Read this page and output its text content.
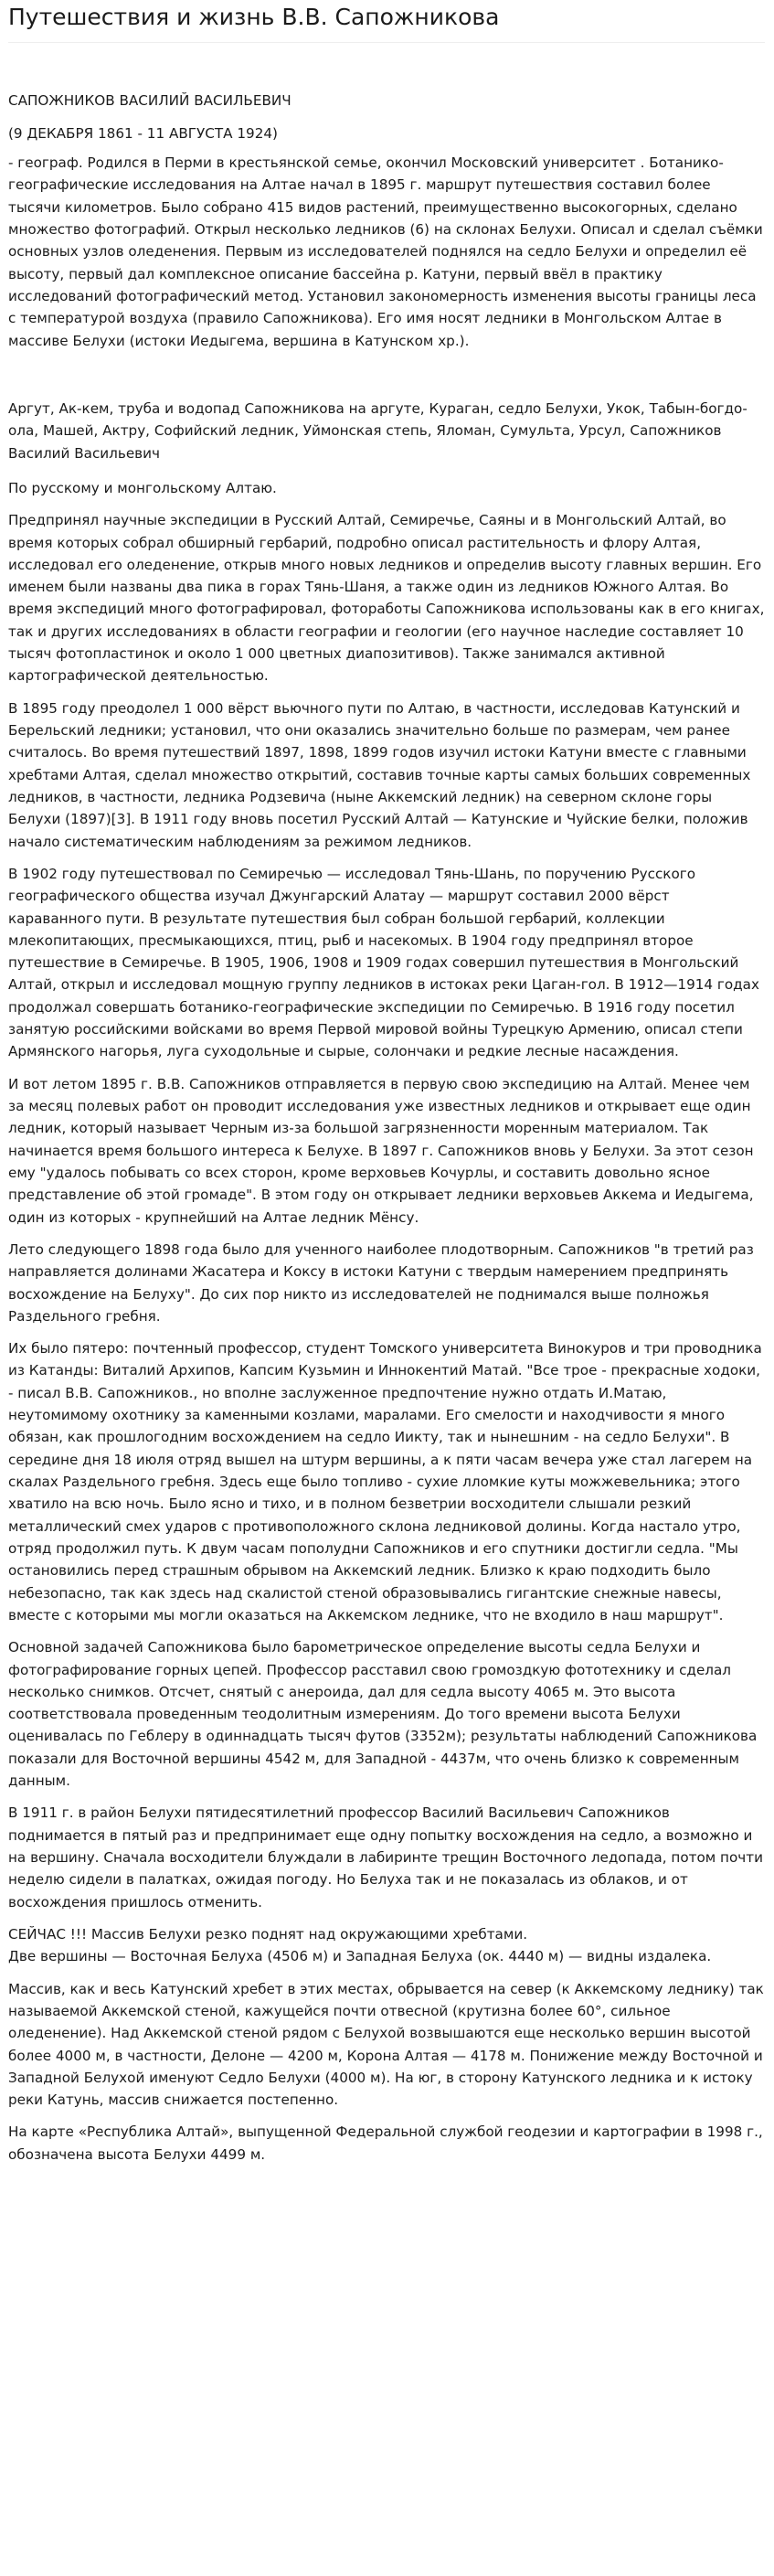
Путешествия и жизнь В.В. Сапожникова

САПОЖНИКОВ ВАСИЛИЙ ВАСИЛЬЕВИЧ

(9 ДЕКАБРЯ 1861 - 11 АВГУСТА 1924)

- географ. Родился в Перми в крестьянской семье, окончил Московский университет . Ботанико-географические исследования на Алтае начал в 1895 г. маршрут путешествия составил более тысячи километров. Было собрано 415 видов растений, преимущественно высокогорных, сделано множество фотографий. Открыл несколько ледников (6) на склонах Белухи. Описал и сделал съёмки основных узлов оледенения. Первым из исследователей поднялся на седло Белухи и определил её высоту, первый дал комплексное описание бассейна р. Катуни, первый ввёл в практику исследований фотографический метод. Установил закономерность изменения высоты границы леса с температурой воздуха (правило Сапожникова). Его имя носят ледники в Монгольском Алтае в массиве Белухи (истоки Иедыгема, вершина в Катунском хр.).

Аргут, Ак-кем, труба и водопад Сапожникова на аргуте, Кураган, седло Белухи, Укок, Табын-богдо-ола, Машей, Актру, Софийский ледник, Уймонская степь, Яломан, Сумульта, Урсул, Сапожников Василий Васильевич

По русскому и монгольскому Алтаю.

Предпринял научные экспедиции в Русский Алтай, Семиречье, Саяны и в Монгольский Алтай, во время которых собрал обширный гербарий, подробно описал растительность и флору Алтая, исследовал его оледенение, открыв много новых ледников и определив высоту главных вершин. Его именем были названы два пика в горах Тянь-Шаня, а также один из ледников Южного Алтая. Во время экспедиций много фотографировал, фоторaботы Сапожникова использованы как в его книгах, так и других исследованиях в области географии и геологии (его научное наследие составляет 10 тысяч фотопластинок и около 1 000 цветных диапозитивов). Также занимался активной картографической деятельностью.

В 1895 году преодолел 1 000 вёрст вьючного пути по Алтаю, в частности, исследовав Катунский и Берельский ледники; установил, что они оказались значительно больше по размерам, чем ранее считалось. Во время путешествий 1897, 1898, 1899 годов изучил истоки Катуни вместе с главными хребтами Алтая, сделал множество открытий, составив точные карты самых больших современных ледников, в частности, ледника Родзевича (ныне Аккемский ледник) на северном склоне горы Белухи (1897)[3]. В 1911 году вновь посетил Русский Алтай — Катунские и Чуйские белки, положив начало систематическим наблюдениям за режимом ледников.

В 1902 году путешествовал по Семиречью — исследовал Тянь-Шань, по поручению Русского географического общества изучал Джунгарский Алатау — маршрут составил 2000 вёрст караванного пути. В результате путешествия был собран большой гербарий, коллекции млекопитающих, пресмыкающихся, птиц, рыб и насекомых. В 1904 году предпринял второе путешествие в Семиречье. В 1905, 1906, 1908 и 1909 годах совершил путешествия в Монгольский Алтай, открыл и исследовал мощную группу ледников в истоках реки Цаган-гол. В 1912—1914 годах продолжал совершать ботанико-географические экспедиции по Семиречью. В 1916 году посетил занятую российскими войсками во время Первой мировой войны Турецкую Армению, описал степи Армянского нагорья, луга суходольные и сырые, солончаки и редкие лесные насаждения.

И вот летом 1895 г. В.В. Сапожников отправляется в первую свою экспедицию на Алтай. Менее чем за месяц полевых работ он проводит исследования уже известных ледников и открывает еще один ледник, который называет Черным из-за большой загрязненности моренным материалом. Так начинается время большого интереса к Белухе. В 1897 г. Сапожников вновь у Белухи. За этот сезон ему "удалось побывать со всех сторон, кроме верховьев Кочурлы, и составить довольно ясное представление об этой громаде". В этом году он открывает ледники верховьев Аккема и Иедыгема, один из которых - крупнейший на Алтае ледник Мёнсу.

Лето следующего 1898 года было для ученного наиболее плодотворным. Сапожников "в третий раз направляется долинами Жасатера и Коксу в истоки Катуни с твердым намерением предпринять восхождение на Белуху". До сих пор никто из исследователей не поднимался выше полножья Раздельного гребня.

Их было пятеро: почтенный профессор, студент Томского университета Винокуров и три проводника из Катанды: Виталий Архипов, Капсим Кузьмин и Иннокентий Матай. "Все трое - прекрасные ходоки, - писал В.В. Сапожников., но вполне заслуженное предпочтение нужно отдать И.Матаю, неутомимому охотнику за каменными козлами, маралами. Его смелости и находчивости я много обязан, как прошлогодним восхождением на седло Иикту, так и нынешним - на седло Белухи". В середине дня 18 июля отряд вышел на штурм вершины, а к пяти часам вечера уже стал лагерем на скалах Раздельного гребня. Здесь еще было топливо - сухие лломкие куты можжевельника; этого хватило на всю ночь. Было ясно и тихо, и в полном безветрии восходители слышали резкий металлический смех ударов с противоположного склона ледниковой долины. Когда настало утро, отряд продолжил путь. К двум часам пополудни Сапожников и его спутники достигли седла. "Мы остановились перед страшным обрывом на Аккемский ледник. Близко к краю подходить было небезопасно, так как здесь над скалистой стеной образовывались гигантские снежные навесы, вместе с которыми мы могли оказаться на Аккемском леднике, что не входило в наш маршрут".

Основной задачей Сапожникова было барометрическое определение высоты седла Белухи и фотографирование горных цепей. Профессор расставил свою громоздкую фототехнику и сделал несколько снимков. Отсчет, снятый с анероида, дал для седла высоту 4065 м. Это высота соответствовала проведенным теодолитным измерениям. До того времени высота Белухи оценивалась по Геблеру в одиннадцать тысяч футов (3352м); результаты наблюдений Сапожникова показали для Восточной вершины 4542 м, для Западной - 4437м, что очень близко к современным данным.

В 1911 г. в район Белухи пятидесятилетний профессор Василий Васильевич Сапожников поднимается в пятый раз и предпринимает еще одну попытку восхождения на седло, а возможно и на вершину. Сначала восходители блуждали в лабиринте трещин Восточного ледопада, потом почти неделю сидели в палатках, ожидая погоду. Но Белуха так и не показалась из облаков, и от восхождения пришлось отменить.

СЕЙЧАС !!! Массив Белухи резко поднят над окружающими хребтами.
Две вершины — Восточная Белуха (4506 м) и Западная Белуха (ок. 4440 м) — видны издалека.

Массив, как и весь Катунский хребет в этих местах, обрывается на север (к Аккемскому леднику) так называемой Аккемской стеной, кажущейся почти отвесной (крутизна более 60°, сильное оледенение). Над Аккемской стеной рядом с Белухой возвышаются еще несколько вершин высотой более 4000 м, в частности, Делоне — 4200 м, Корона Алтая — 4178 м. Понижение между Восточной и Западной Белухой именуют Седло Белухи (4000 м). На юг, в сторону Катунского ледника и к истоку реки Катунь, массив снижается постепенно.

На карте «Республика Алтай», выпущенной Федеральной службой геодезии и картографии в 1998 г., обозначена высота Белухи 4499 м.
